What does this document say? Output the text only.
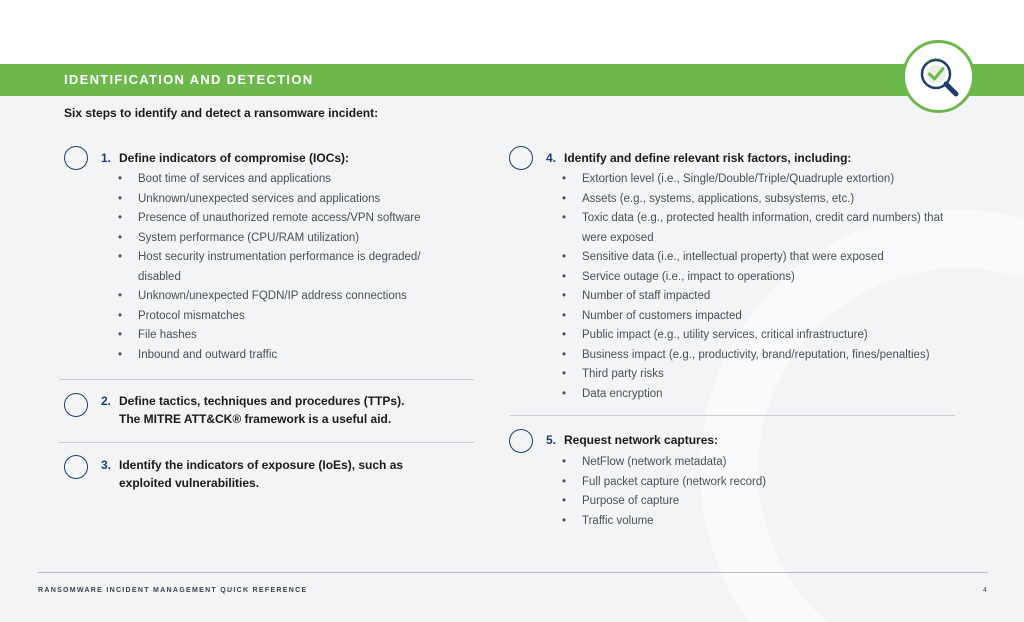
IDENTIFICATION AND DETECTION
Six steps to identify and detect a ransomware incident:
1. Define indicators of compromise (IOCs):
• Boot time of services and applications
• Unknown/unexpected services and applications
• Presence of unauthorized remote access/VPN software
• System performance (CPU/RAM utilization)
• Host security instrumentation performance is degraded/ disabled
• Unknown/unexpected FQDN/IP address connections
• Protocol mismatches
• File hashes
• Inbound and outward traffic
2. Define tactics, techniques and procedures (TTPs).
The MITRE ATT&CK® framework is a useful aid.
3. Identify the indicators of exposure (IoEs), such as
exploited vulnerabilities.
4. Identify and define relevant risk factors, including:
• Extortion level (i.e., Single/Double/Triple/Quadruple extortion)
• Assets (e.g., systems, applications, subsystems, etc.)
• Toxic data (e.g., protected health information, credit card numbers) that were exposed
• Sensitive data (i.e., intellectual property) that were exposed
• Service outage (i.e., impact to operations)
• Number of staff impacted
• Number of customers impacted
• Public impact (e.g., utility services, critical infrastructure)
• Business impact (e.g., productivity, brand/reputation, fines/penalties)
• Third party risks
• Data encryption
5. Request network captures:
• NetFlow (network metadata)
• Full packet capture (network record)
• Purpose of capture
• Traffic volume
RANSOMWARE INCIDENT MANAGEMENT QUICK REFERENCE	4
